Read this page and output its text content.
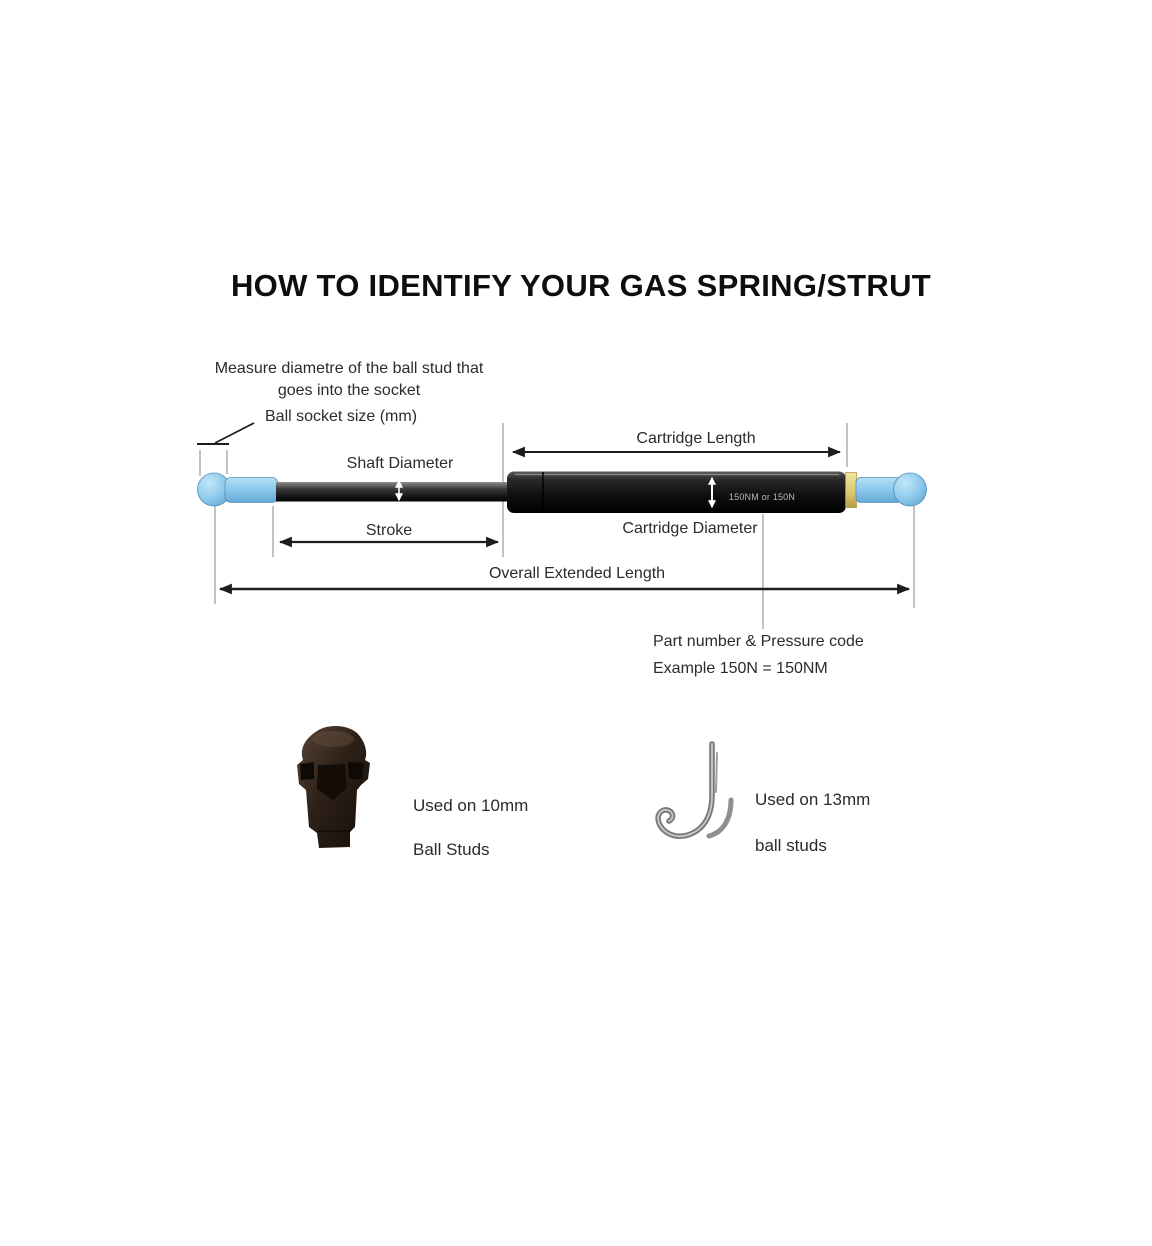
HOW TO IDENTIFY YOUR GAS SPRING/STRUT
Measure diametre of the ball stud that
goes into the socket
Ball socket size (mm)
Shaft Diameter
Cartridge Length
Stroke	Cartridge Diameter
Overall Extended Length
Part number & Pressure code
Example 150N = 150NM
150NM or 150N

Used on 10mm

Ball Studs

Used on 13mm

ball studs
